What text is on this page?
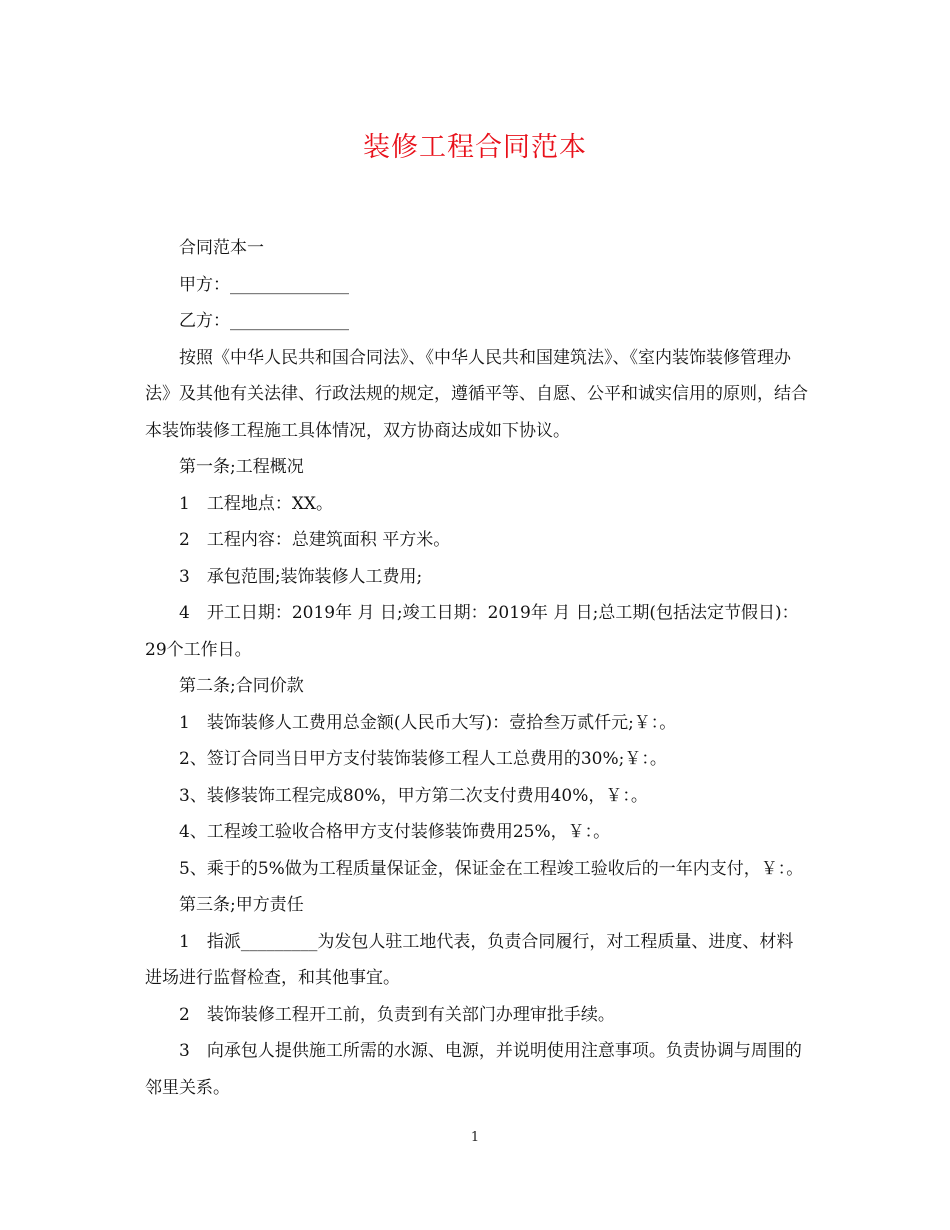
装修工程合同范本

合同范本一

甲方：______________

乙方：______________

按照《中华人民共和国合同法》、《中华人民共和国建筑法》、《室内装饰装修管理办法》及其他有关法律、行政法规的规定，遵循平等、自愿、公平和诚实信用的原则，结合本装饰装修工程施工具体情况，双方协商达成如下协议。

第一条;工程概况

1　工程地点：XX。

2　工程内容：总建筑面积 平方米。

3　承包范围;装饰装修人工费用;

4　开工日期：2019年 月 日;竣工日期：2019年 月 日;总工期(包括法定节假日)：29个工作日。

第二条;合同价款

1　装饰装修人工费用总金额(人民币大写)：壹拾叁万贰仟元;￥：。

2、签订合同当日甲方支付装饰装修工程人工总费用的30%;￥：。

3、装修装饰工程完成80%，甲方第二次支付费用40%，￥：。

4、工程竣工验收合格甲方支付装修装饰费用25%，￥：。

5、乘于的5%做为工程质量保证金，保证金在工程竣工验收后的一年内支付，￥：。

第三条;甲方责任

1　指派_________为发包人驻工地代表，负责合同履行，对工程质量、进度、材料进场进行监督检查，和其他事宜。

2　装饰装修工程开工前，负责到有关部门办理审批手续。

3　向承包人提供施工所需的水源、电源，并说明使用注意事项。负责协调与周围的邻里关系。

1
